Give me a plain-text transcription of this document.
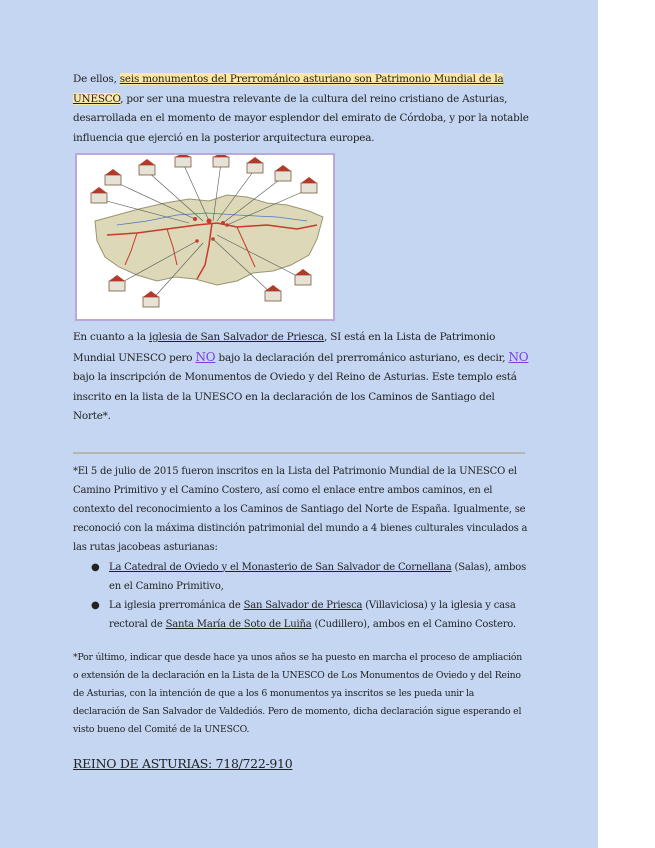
De ellos, seis monumentos del Prerrománico asturiano son Patrimonio Mundial de la
UNESCO, por ser una muestra relevante de la cultura del reino cristiano de Asturias, desarrollada en el momento de mayor esplendor del emirato de Córdoba, y por la notable influencia que ejerció en la posterior arquitectura europea.

En cuanto a la iglesia de San Salvador de Priesca, SI está en la Lista de Patrimonio Mundial UNESCO pero NO bajo la declaración del prerrománico asturiano, es decir, NO bajo la inscripción de Monumentos de Oviedo y del Reino de Asturias. Este templo está inscrito en la lista de la UNESCO en la declaración de los Caminos de Santiago del Norte*.

*El 5 de julio de 2015 fueron inscritos en la Lista del Patrimonio Mundial de la UNESCO el Camino Primitivo y el Camino Costero, así como el enlace entre ambos caminos, en el contexto del reconocimiento a los Caminos de Santiago del Norte de España. Igualmente, se reconoció con la máxima distinción patrimonial del mundo a 4 bienes culturales vinculados a las rutas jacobeas asturianas:

● La Catedral de Oviedo y el Monasterio de San Salvador de Cornellana (Salas), ambos en el Camino Primitivo,
● La iglesia prerrománica de San Salvador de Priesca (Villaviciosa) y la iglesia y casa rectoral de Santa María de Soto de Luiña (Cudillero), ambos en el Camino Costero.

*Por último, indicar que desde hace ya unos años se ha puesto en marcha el proceso de ampliación o extensión de la declaración en la Lista de la UNESCO de Los Monumentos de Oviedo y del Reino de Asturias, con la intención de que a los 6 monumentos ya inscritos se les pueda unir la declaración de San Salvador de Valdediós. Pero de momento, dicha declaración sigue esperando el visto bueno del Comité de la UNESCO.

REINO DE ASTURIAS: 718/722-910
